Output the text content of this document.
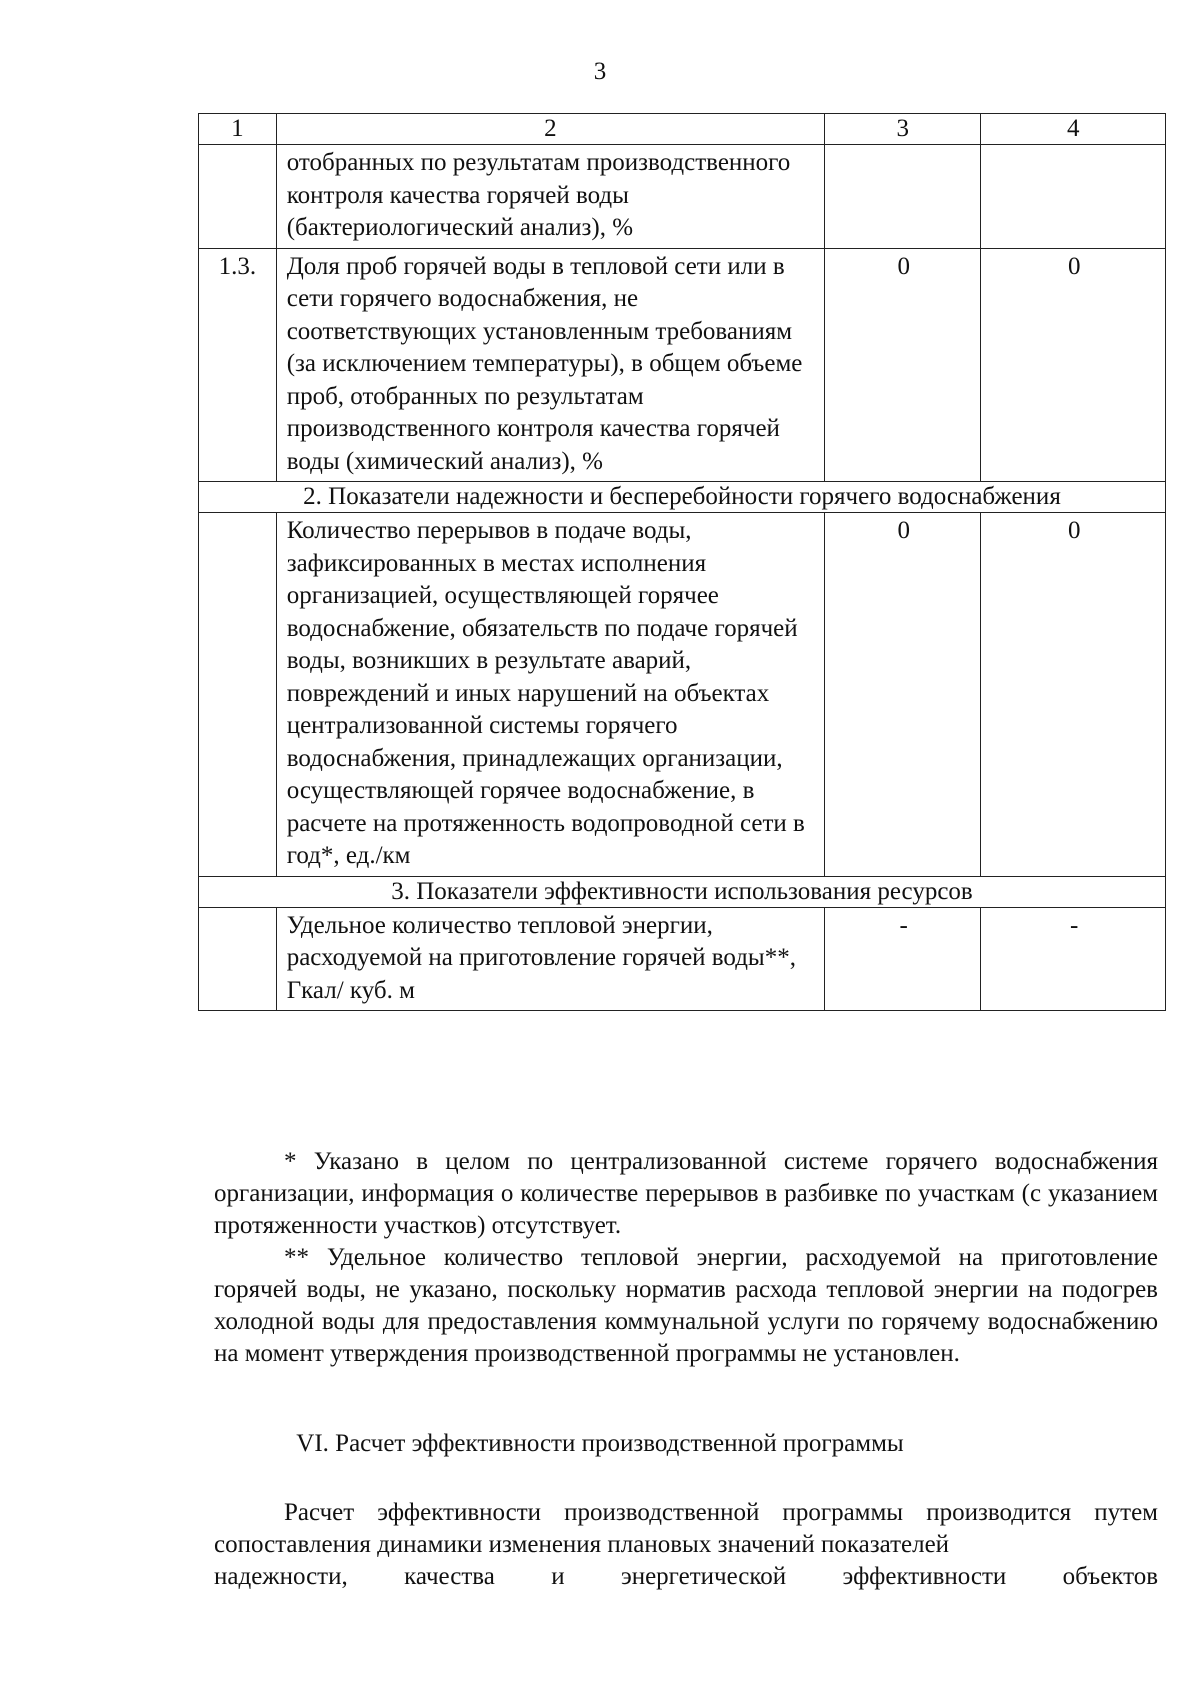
3
1	2	3	4
	отобранных по результатам производственного контроля качества горячей воды (бактериологический анализ), %		
1.3.	Доля проб горячей воды в тепловой сети или в сети горячего водоснабжения, не соответствующих установленным требованиям (за исключением температуры), в общем объеме проб, отобранных по результатам производственного контроля качества горячей воды (химический анализ), %	0	0
2. Показатели надежности и бесперебойности горячего водоснабжения			
	Количество перерывов в подаче воды, зафиксированных в местах исполнения организацией, осуществляющей горячее водоснабжение, обязательств по подаче горячей воды, возникших в результате аварий, повреждений и иных нарушений на объектах централизованной системы горячего водоснабжения, принадлежащих организации, осуществляющей горячее водоснабжение, в расчете на протяженность водопроводной сети в год*, ед./км	0	0
3. Показатели эффективности использования ресурсов			
	Удельное количество тепловой энергии, расходуемой на приготовление горячей воды**, Гкал/ куб. м	-	-

* Указано в целом по централизованной системе горячего водоснабжения организации, информация о количестве перерывов в разбивке по участкам (с указанием протяженности участков) отсутствует.

** Удельное количество тепловой энергии, расходуемой на приготовление горячей воды, не указано, поскольку норматив расхода тепловой энергии на подогрев холодной воды для предоставления коммунальной услуги по горячему водоснабжению на момент утверждения производственной программы не установлен.

VI. Расчет эффективности производственной программы
Расчет эффективности производственной программы производится путем сопоставления динамики изменения плановых значений показателей
надежности, качества и энергетической эффективности объектов
